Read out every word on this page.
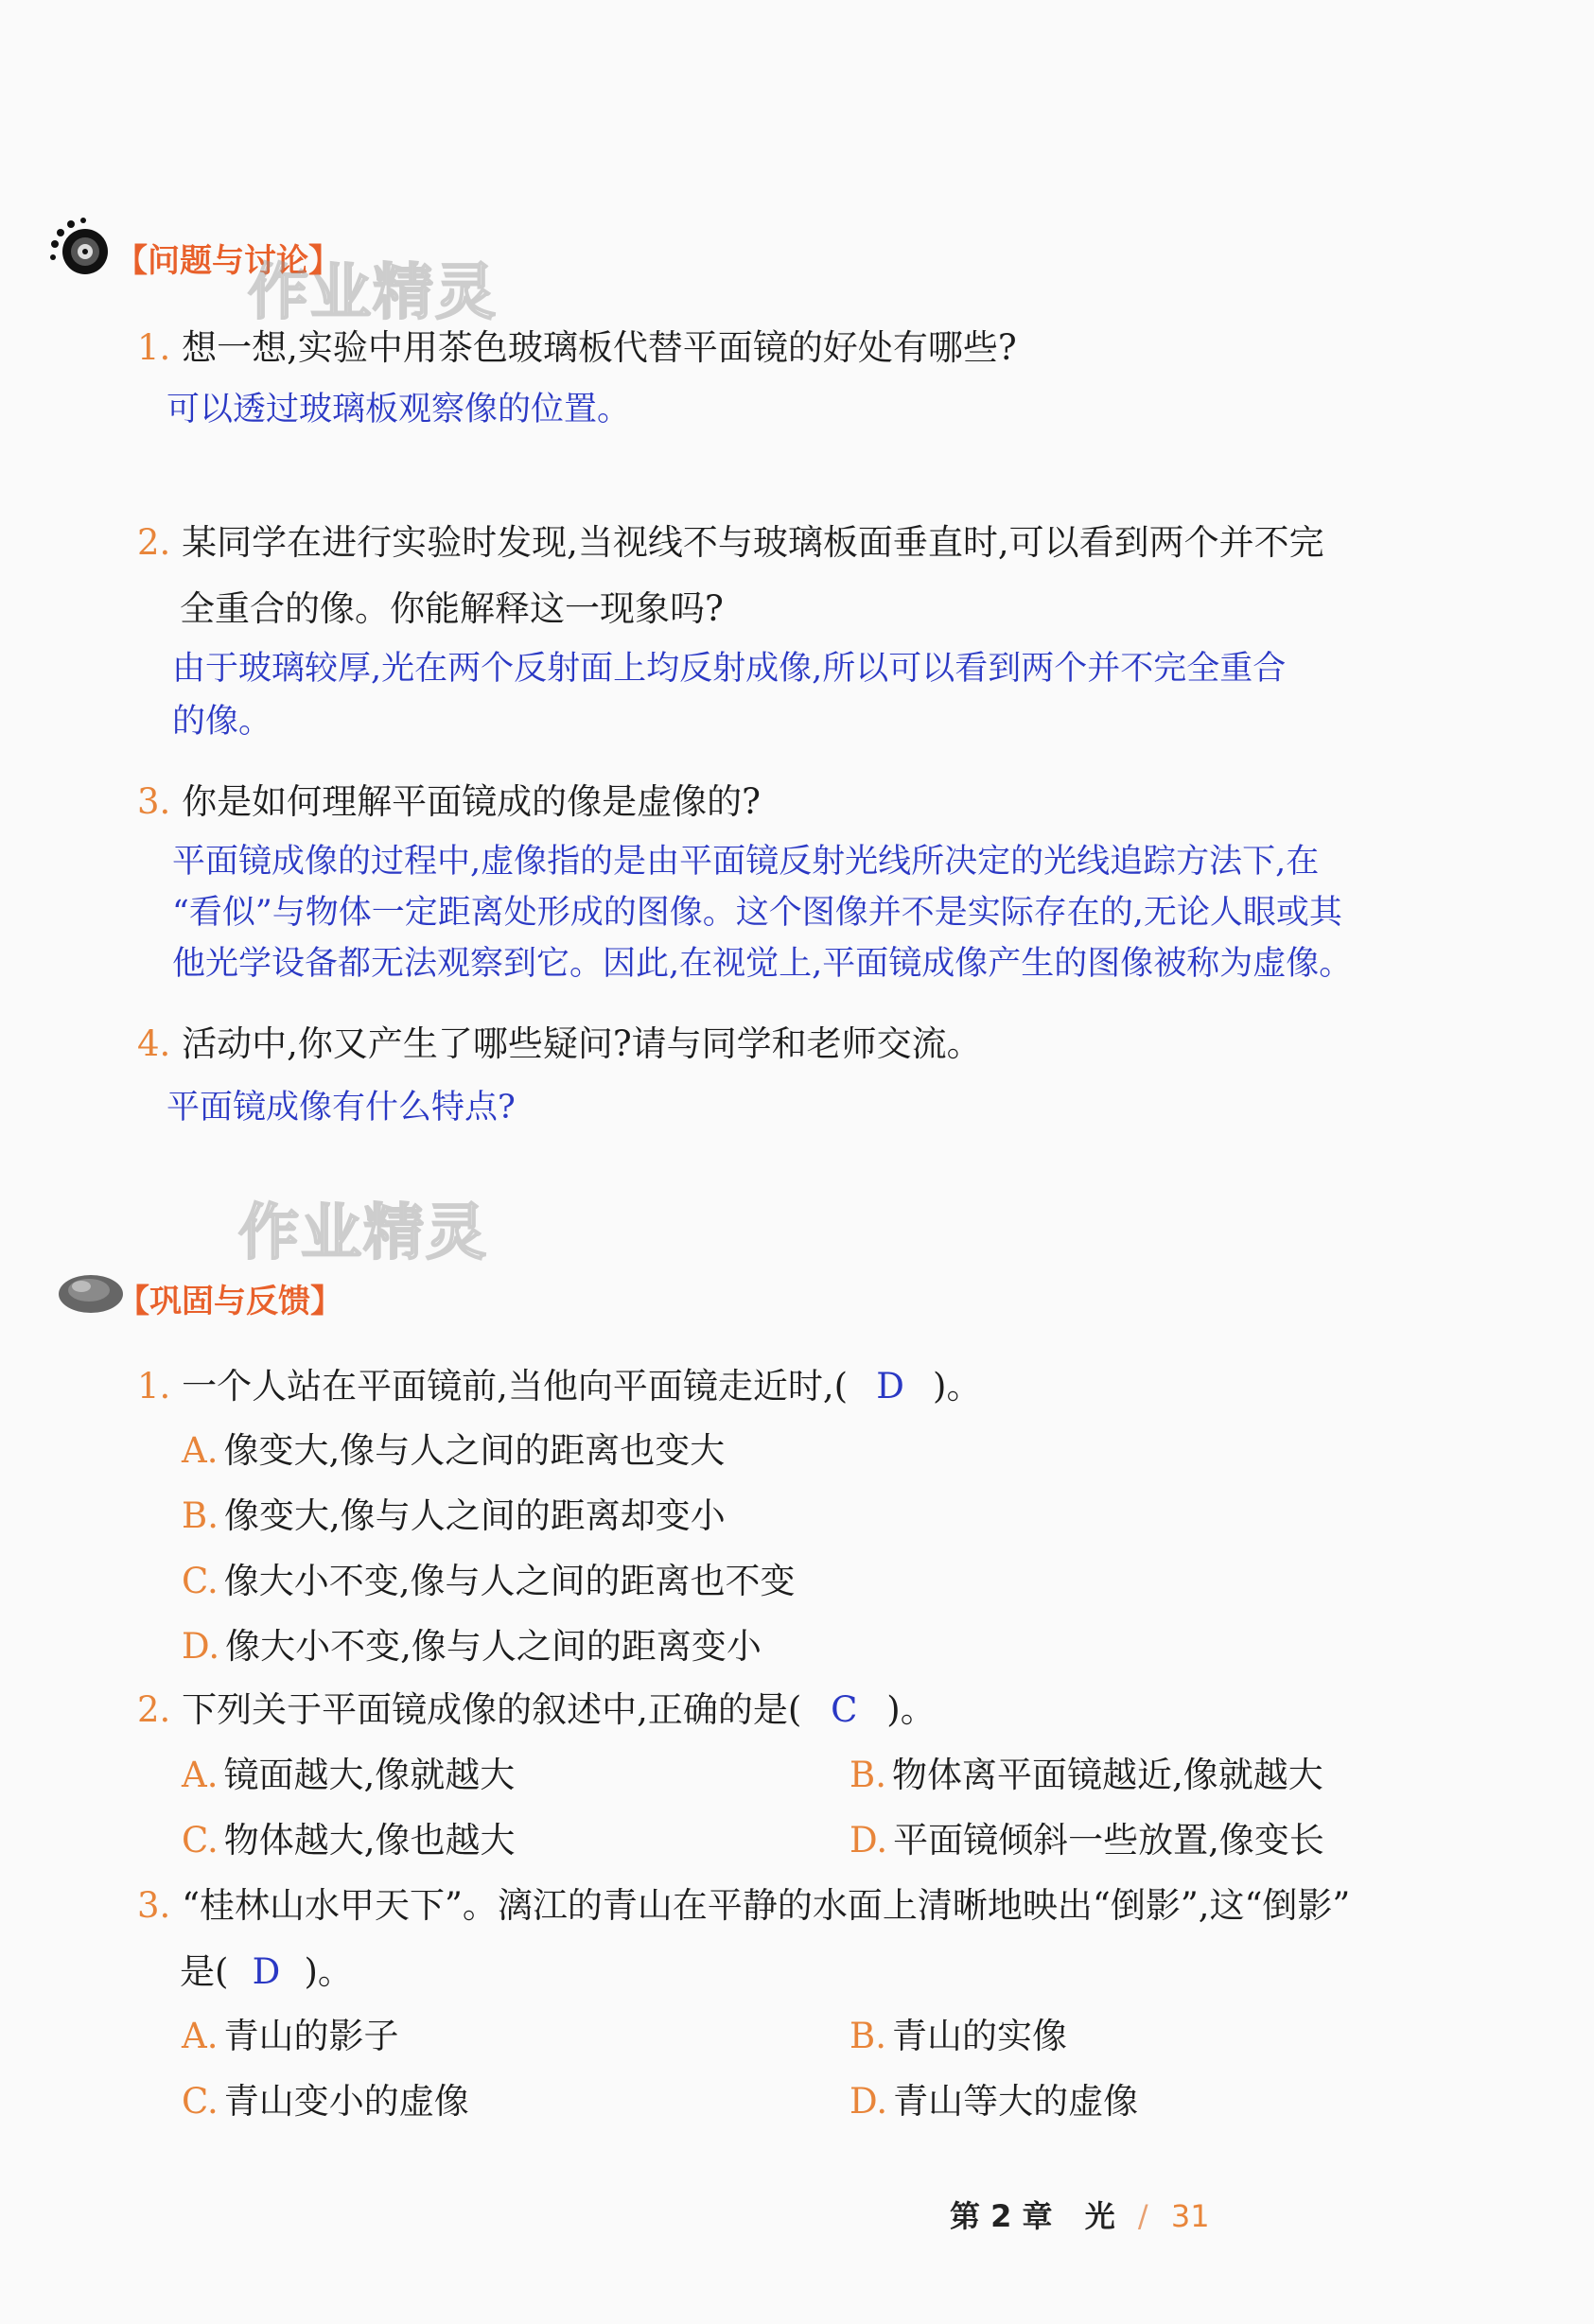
【问题与讨论】
作业精灵
1. 想一想,实验中用茶色玻璃板代替平面镜的好处有哪些?
可以透过玻璃板观察像的位置。
2. 某同学在进行实验时发现,当视线不与玻璃板面垂直时,可以看到两个并不完
全重合的像。你能解释这一现象吗?
由于玻璃较厚,光在两个反射面上均反射成像,所以可以看到两个并不完全重合
的像。
3. 你是如何理解平面镜成的像是虚像的?
平面镜成像的过程中,虚像指的是由平面镜反射光线所决定的光线追踪方法下,在
“看似”与物体一定距离处形成的图像。这个图像并不是实际存在的,无论人眼或其
他光学设备都无法观察到它。因此,在视觉上,平面镜成像产生的图像被称为虚像。
4. 活动中,你又产生了哪些疑问?请与同学和老师交流。
平面镜成像有什么特点?
作业精灵
【巩固与反馈】
1. 一个人站在平面镜前,当他向平面镜走近时,( D )。
A. 像变大,像与人之间的距离也变大
B. 像变大,像与人之间的距离却变小
C. 像大小不变,像与人之间的距离也不变
D. 像大小不变,像与人之间的距离变小
2. 下列关于平面镜成像的叙述中,正确的是( C )。
A. 镜面越大,像就越大	B. 物体离平面镜越近,像就越大
C. 物体越大,像也越大	D. 平面镜倾斜一些放置,像变长
3. “桂林山水甲天下”。漓江的青山在平静的水面上清晰地映出“倒影”,这“倒影”
是( D )。
A. 青山的影子	B. 青山的实像
C. 青山变小的虚像	D. 青山等大的虚像
第 2 章 光 / 31
